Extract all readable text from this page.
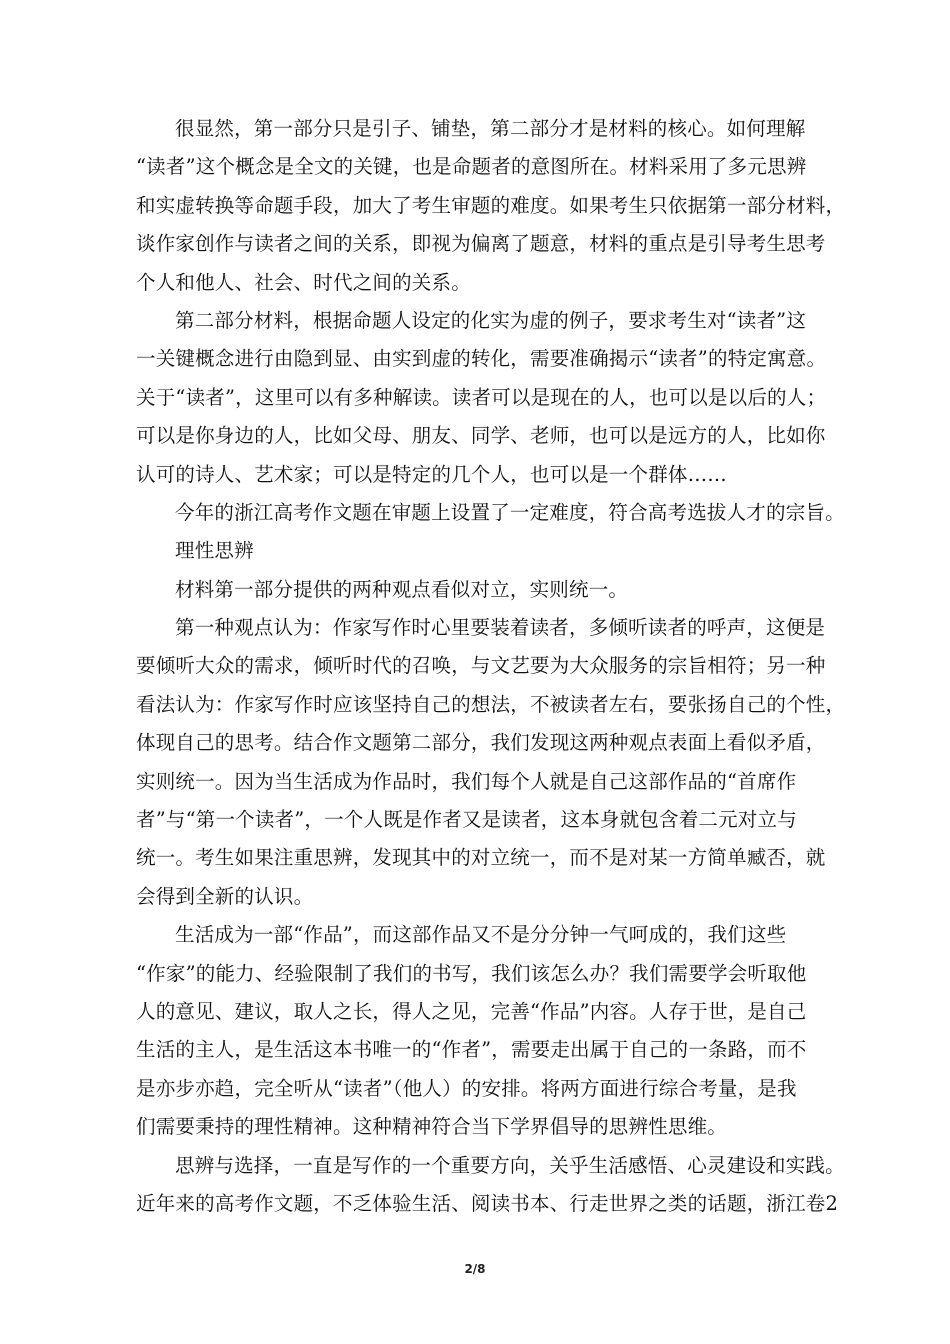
很显然，第一部分只是引子、铺垫，第二部分才是材料的核心。如何理解
“读者”这个概念是全文的关键，也是命题者的意图所在。材料采用了多元思辨
和实虚转换等命题手段，加大了考生审题的难度。如果考生只依据第一部分材料，
谈作家创作与读者之间的关系，即视为偏离了题意，材料的重点是引导考生思考
个人和他人、社会、时代之间的关系。
第二部分材料，根据命题人设定的化实为虚的例子，要求考生对“读者”这
一关键概念进行由隐到显、由实到虚的转化，需要准确揭示“读者”的特定寓意。
关于“读者”，这里可以有多种解读。读者可以是现在的人，也可以是以后的人；
可以是你身边的人，比如父母、朋友、同学、老师，也可以是远方的人，比如你
认可的诗人、艺术家；可以是特定的几个人，也可以是一个群体……
今年的浙江高考作文题在审题上设置了一定难度，符合高考选拔人才的宗旨。
理性思辨
材料第一部分提供的两种观点看似对立，实则统一。
第一种观点认为：作家写作时心里要装着读者，多倾听读者的呼声，这便是
要倾听大众的需求，倾听时代的召唤，与文艺要为大众服务的宗旨相符；另一种
看法认为：作家写作时应该坚持自己的想法，不被读者左右，要张扬自己的个性，
体现自己的思考。结合作文题第二部分，我们发现这两种观点表面上看似矛盾，
实则统一。因为当生活成为作品时，我们每个人就是自己这部作品的“首席作
者”与“第一个读者”，一个人既是作者又是读者，这本身就包含着二元对立与
统一。考生如果注重思辨，发现其中的对立统一，而不是对某一方简单臧否，就
会得到全新的认识。
生活成为一部“作品”，而这部作品又不是分分钟一气呵成的，我们这些
“作家”的能力、经验限制了我们的书写，我们该怎么办？我们需要学会听取他
人的意见、建议，取人之长，得人之见，完善“作品”内容。人存于世，是自己
生活的主人，是生活这本书唯一的“作者”，需要走出属于自己的一条路，而不
是亦步亦趋，完全听从“读者”（他人）的安排。将两方面进行综合考量，是我
们需要秉持的理性精神。这种精神符合当下学界倡导的思辨性思维。
思辨与选择，一直是写作的一个重要方向，关乎生活感悟、心灵建设和实践。
近年来的高考作文题，不乏体验生活、阅读书本、行走世界之类的话题，浙江卷2
2/8
